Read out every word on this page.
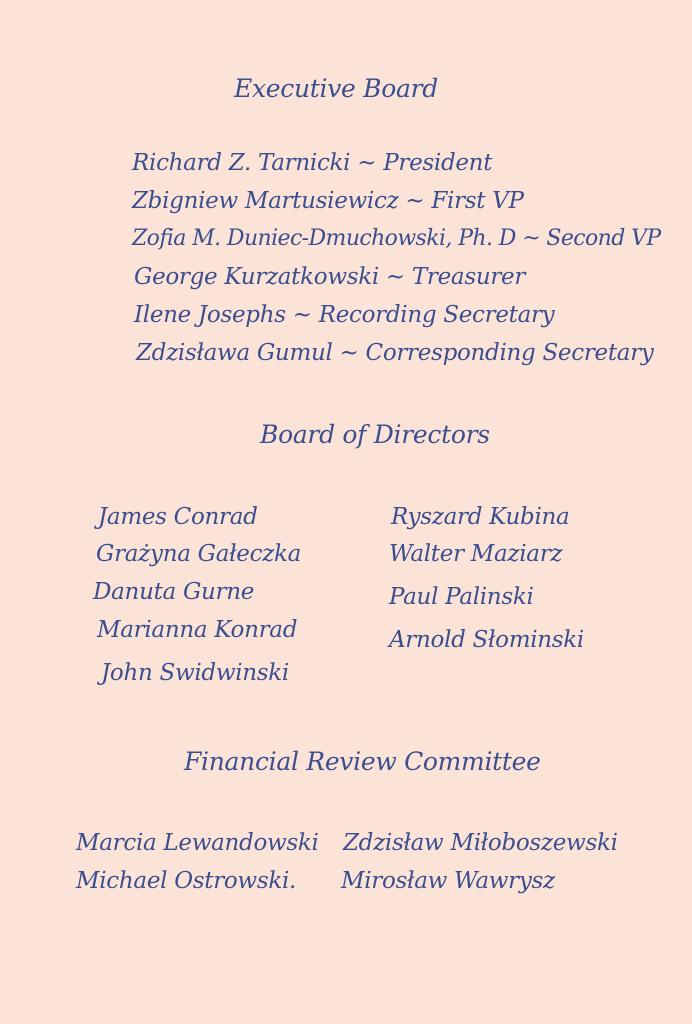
Executive Board
Richard Z. Tarnicki ~ President
Zbigniew Martusiewicz ~ First VP
Zofia M. Duniec-Dmuchowski, Ph. D ~ Second VP
George Kurzatkowski ~ Treasurer
Ilene Josephs ~ Recording Secretary
Zdzisława Gumul ~ Corresponding Secretary
Board of Directors
James Conrad
Grażyna Gałeczka
Danuta Gurne
Marianna Konrad
John Swidwinski
Ryszard Kubina
Walter Maziarz
Paul Palinski
Arnold Słominski
Financial Review Committee
Marcia Lewandowski
Michael Ostrowski.
Zdzisław Miłoboszewski
Mirosław Wawrysz
